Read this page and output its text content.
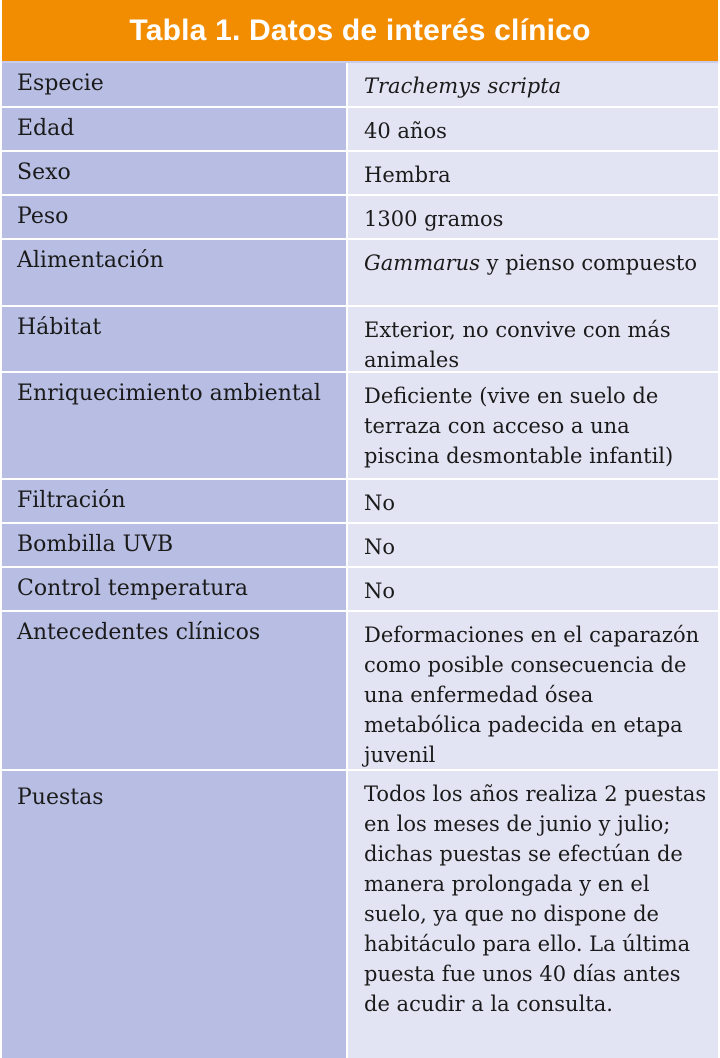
Tabla 1. Datos de interés clínico
Especie	Trachemys scripta
Edad	40 años
Sexo	Hembra
Peso	1300 gramos
Alimentación	Gammarus y pienso compuesto
Hábitat	Exterior, no convive con más animales
Enriquecimiento ambiental	Deficiente (vive en suelo de terraza con acceso a una piscina desmontable infantil)
Filtración	No
Bombilla UVB	No
Control temperatura	No
Antecedentes clínicos	Deformaciones en el caparazón como posible consecuencia de una enfermedad ósea metabólica padecida en etapa juvenil
Puestas	Todos los años realiza 2 puestas en los meses de junio y julio; dichas puestas se efectúan de manera prolongada y en el suelo, ya que no dispone de habitáculo para ello. La última puesta fue unos 40 días antes de acudir a la consulta.
